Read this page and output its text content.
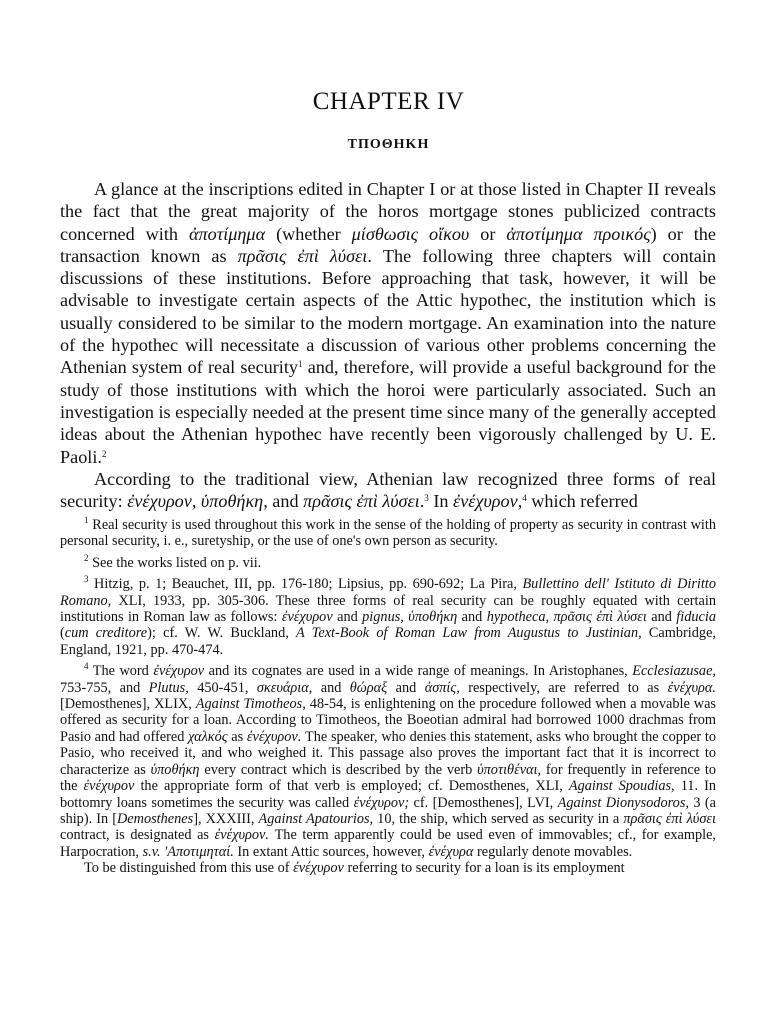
CHAPTER IV
ΤΠΟΘΗΚΗ

A glance at the inscriptions edited in Chapter I or at those listed in Chapter II reveals the fact that the great majority of the horos mortgage stones publicized contracts concerned with ἀποτίμημα (whether μίσθωσις οἴκου or ἀποτίμημα προικός) or the transaction known as πρᾶσις ἐπὶ λύσει. The following three chapters will contain discussions of these institutions. Before approaching that task, however, it will be advisable to investigate certain aspects of the Attic hypothec, the institution which is usually considered to be similar to the modern mortgage. An examination into the nature of the hypothec will necessitate a discussion of various other problems concerning the Athenian system of real security$^1$ and, therefore, will provide a useful background for the study of those institutions with which the horoi were particularly associated. Such an investigation is especially needed at the present time since many of the generally accepted ideas about the Athenian hypothec have recently been vigorously challenged by U. E. Paoli.$^2$

According to the traditional view, Athenian law recognized three forms of real security: ἐνέχυρον, ὑποθήκη, and πρᾶσις ἐπὶ λύσει.$^3$ In ἐνέχυρον,$^4$ which referred

$^1$ Real security is used throughout this work in the sense of the holding of property as security in contrast with personal security, i. e., suretyship, or the use of one's own person as security.

$^2$ See the works listed on p. vii.

$^3$ Hitzig, p. 1; Beauchet, III, pp. 176-180; Lipsius, pp. 690-692; La Pira, Bullettino dell' Istituto di Diritto Romano, XLI, 1933, pp. 305-306. These three forms of real security can be roughly equated with certain institutions in Roman law as follows: ἐνέχυρον and pignus, ὑποθήκη and hypotheca, πρᾶσις ἐπὶ λύσει and fiducia (cum creditore); cf. W. W. Buckland, A Text-Book of Roman Law from Augustus to Justinian, Cambridge, England, 1921, pp. 470-474.

$^4$ The word ἐνέχυρον and its cognates are used in a wide range of meanings. In Aristophanes, Ecclesiazusae, 753-755, and Plutus, 450-451, σκευάρια, and θώραξ and ἀσπίς, respectively, are referred to as ἐνέχυρα. [Demosthenes], XLIX, Against Timotheos, 48-54, is enlightening on the procedure followed when a movable was offered as security for a loan. According to Timotheos, the Boeotian admiral had borrowed 1000 drachmas from Pasio and had offered χαλκός as ἐνέχυρον. The speaker, who denies this statement, asks who brought the copper to Pasio, who received it, and who weighed it. This passage also proves the important fact that it is incorrect to characterize as ὑποθήκη every contract which is described by the verb ὑποτιθέναι, for frequently in reference to the ἐνέχυρον the appropriate form of that verb is employed; cf. Demosthenes, XLI, Against Spoudias, 11. In bottomry loans sometimes the security was called ἐνέχυρον; cf. [Demosthenes], LVI, Against Dionysodoros, 3 (a ship). In [Demosthenes], XXXIII, Against Apatourios, 10, the ship, which served as security in a πρᾶσις ἐπὶ λύσει contract, is designated as ἐνέχυρον. The term apparently could be used even of immovables; cf., for example, Harpocration, s.v. 'Αποτιμηταί. In extant Attic sources, however, ἐνέχυρα regularly denote movables.

To be distinguished from this use of ἐνέχυρον referring to security for a loan is its employment
